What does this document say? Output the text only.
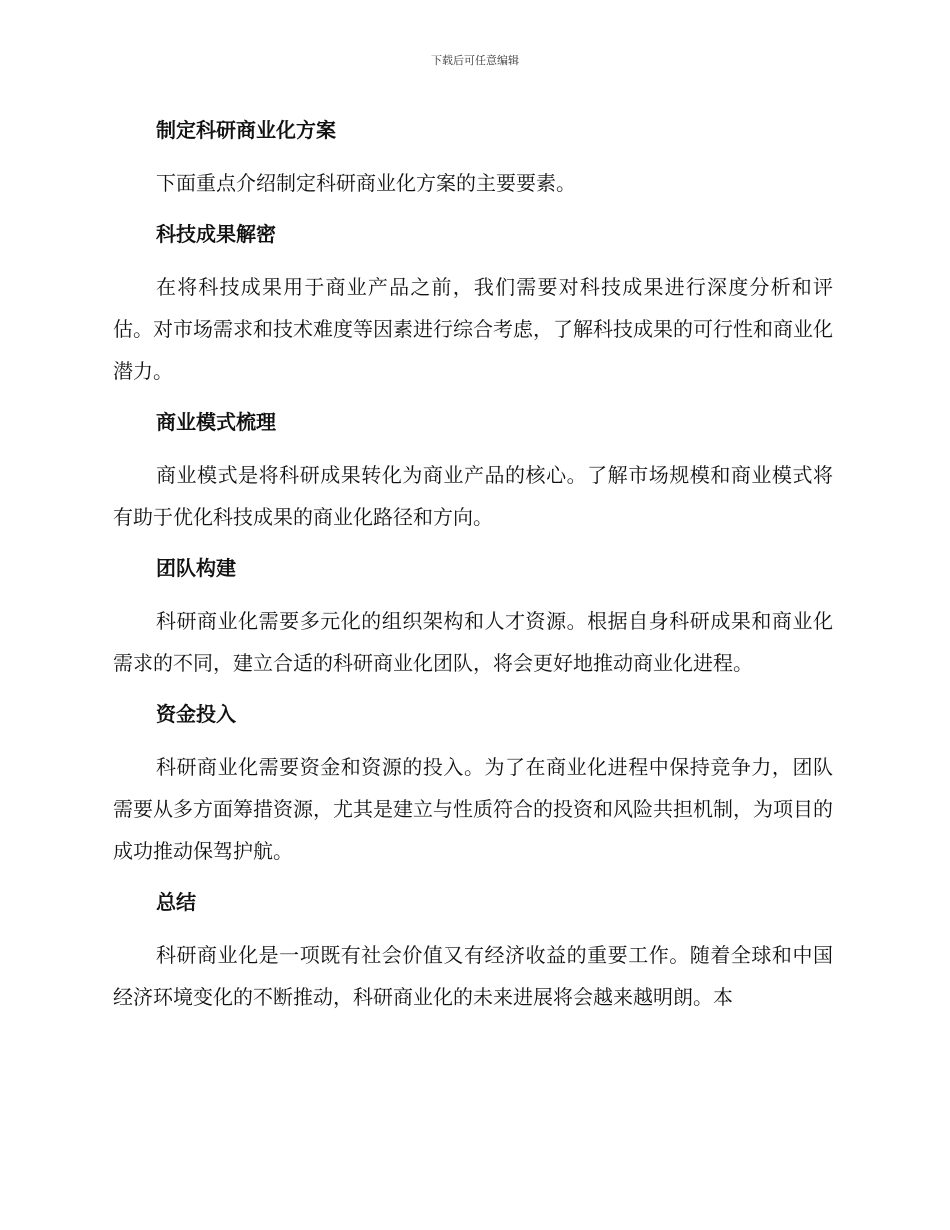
下载后可任意编辑
制定科研商业化方案

下面重点介绍制定科研商业化方案的主要要素。

科技成果解密

在将科技成果用于商业产品之前，我们需要对科技成果进行深度分析和评估。对市场需求和技术难度等因素进行综合考虑，了解科技成果的可行性和商业化潜力。

商业模式梳理

商业模式是将科研成果转化为商业产品的核心。了解市场规模和商业模式将有助于优化科技成果的商业化路径和方向。

团队构建

科研商业化需要多元化的组织架构和人才资源。根据自身科研成果和商业化需求的不同，建立合适的科研商业化团队，将会更好地推动商业化进程。

资金投入

科研商业化需要资金和资源的投入。为了在商业化进程中保持竞争力，团队需要从多方面筹措资源，尤其是建立与性质符合的投资和风险共担机制，为项目的成功推动保驾护航。

总结

科研商业化是一项既有社会价值又有经济收益的重要工作。随着全球和中国经济环境变化的不断推动，科研商业化的未来进展将会越来越明朗。本
